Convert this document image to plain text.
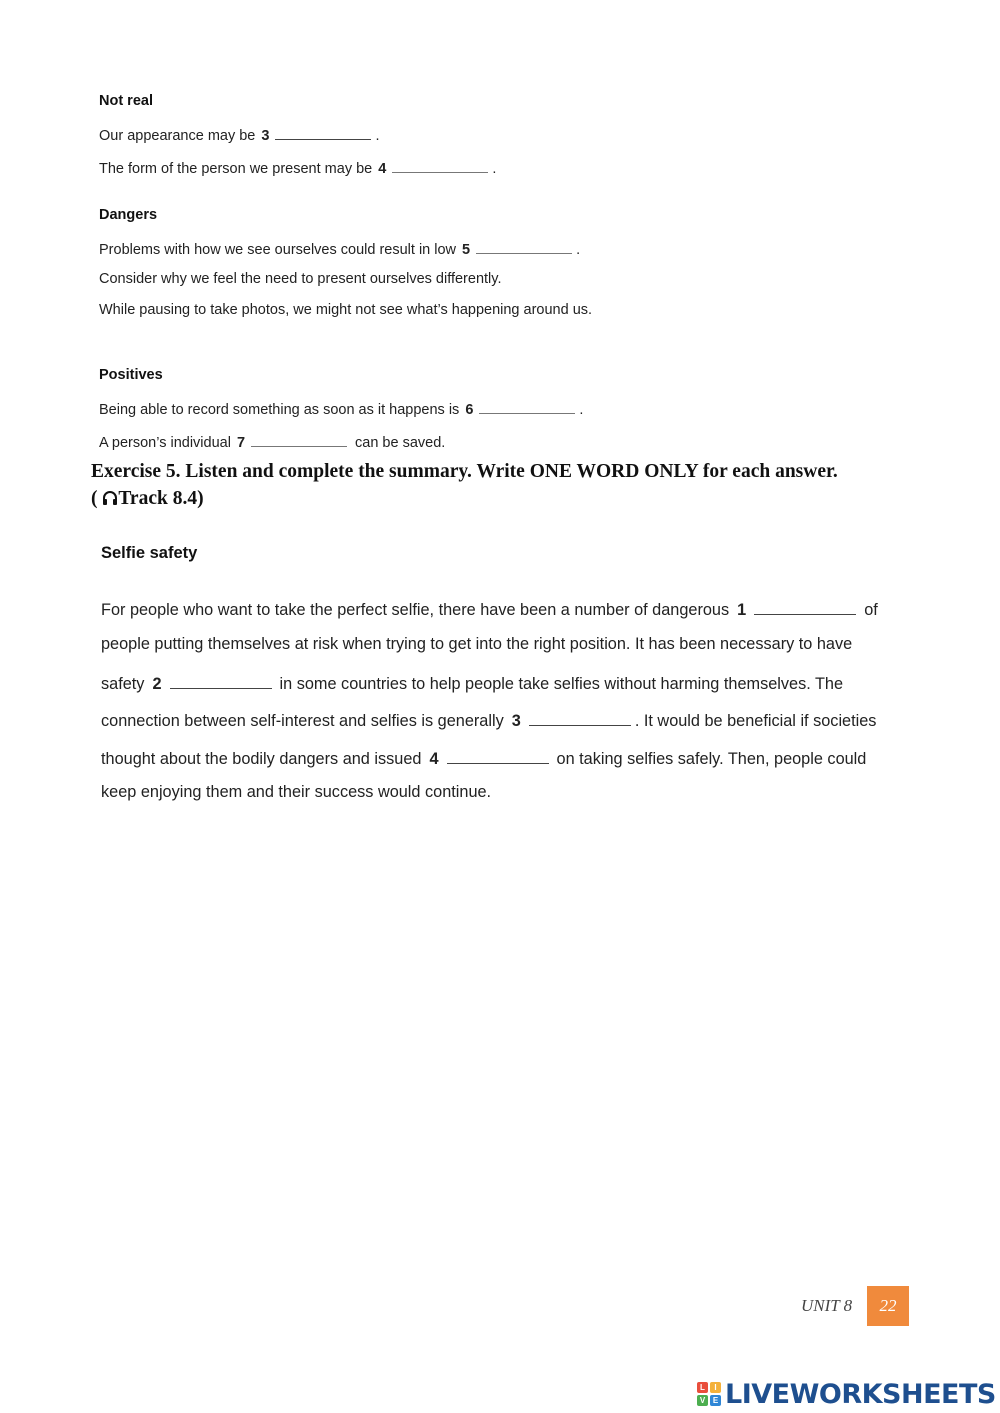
Not real
Our appearance may be 3	.
The form of the person we present may be 4	.
Dangers
Problems with how we see ourselves could result in low 5	.
Consider why we feel the need to present ourselves differently.
While pausing to take photos, we might not see what’s happening around us.
Positives
Being able to record something as soon as it happens is 6	.
A person’s individual 7	can be saved.
Exercise 5. Listen and complete the summary. Write ONE WORD ONLY for each answer.
( Track 8.4)
Selfie safety
For people who want to take the perfect selfie, there have been a number of dangerous 1	of
people putting themselves at risk when trying to get into the right position. It has been necessary to have
safety 2	in some countries to help people take selfies without harming themselves. The
connection between self-interest and selfies is generally 3	. It would be beneficial if societies
thought about the bodily dangers and issued 4	on taking selfies safely. Then, people could
keep enjoying them and their success would continue.
UNIT 8	22
L	I
V E LIVEWORKSHEETS
